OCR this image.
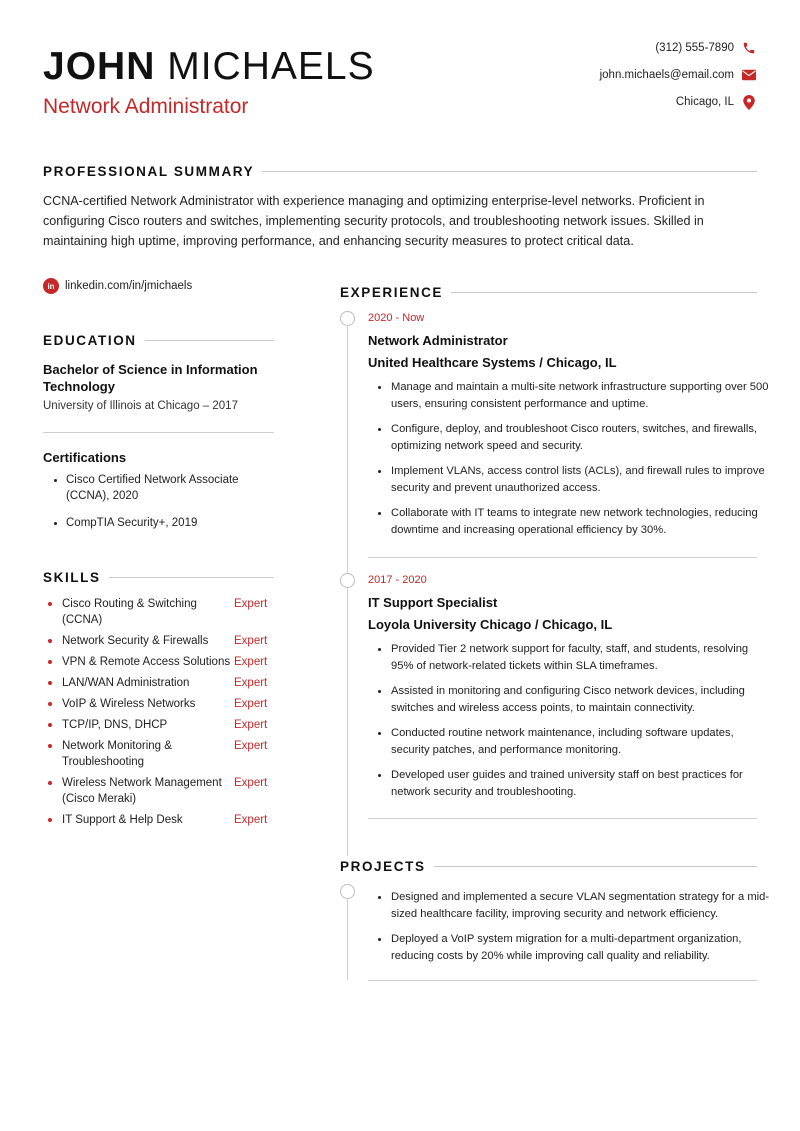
JOHN MICHAELS
Network Administrator
(312) 555-7890
john.michaels@email.com
Chicago, IL
PROFESSIONAL SUMMARY

CCNA-certified Network Administrator with experience managing and optimizing enterprise-level networks. Proficient in configuring Cisco routers and switches, implementing security protocols, and troubleshooting network issues. Skilled in maintaining high uptime, improving performance, and enhancing security measures to protect critical data.

in linkedin.com/in/jmichaels
EDUCATION
Bachelor of Science in Information Technology
University of Illinois at Chicago – 2017
Certifications
Cisco Certified Network Associate (CCNA), 2020
CompTIA Security+, 2019
SKILLS
Cisco Routing & Switching (CCNA)
Expert
Network Security & Firewalls	Expert
VPN & Remote Access Solutions Expert
LAN/WAN Administration	Expert
VoIP & Wireless Networks	Expert
TCP/IP, DNS, DHCP	Expert
Network Monitoring & Troubleshooting
Expert
Wireless Network Management (Cisco Meraki)
Expert
IT Support & Help Desk	Expert
EXPERIENCE
2020 - Now
Network Administrator
United Healthcare Systems / Chicago, IL
Manage and maintain a multi-site network infrastructure supporting over 500 users, ensuring consistent performance and uptime.
Configure, deploy, and troubleshoot Cisco routers, switches, and firewalls, optimizing network speed and security.
Implement VLANs, access control lists (ACLs), and firewall rules to improve security and prevent unauthorized access.
Collaborate with IT teams to integrate new network technologies, reducing downtime and increasing operational efficiency by 30%.
2017 - 2020
IT Support Specialist
Loyola University Chicago / Chicago, IL
Provided Tier 2 network support for faculty, staff, and students, resolving 95% of network-related tickets within SLA timeframes.
Assisted in monitoring and configuring Cisco network devices, including switches and wireless access points, to maintain connectivity.
Conducted routine network maintenance, including software updates, security patches, and performance monitoring.
Developed user guides and trained university staff on best practices for network security and troubleshooting.
PROJECTS
Designed and implemented a secure VLAN segmentation strategy for a mid-sized healthcare facility, improving security and network efficiency.
Deployed a VoIP system migration for a multi-department organization, reducing costs by 20% while improving call quality and reliability.
